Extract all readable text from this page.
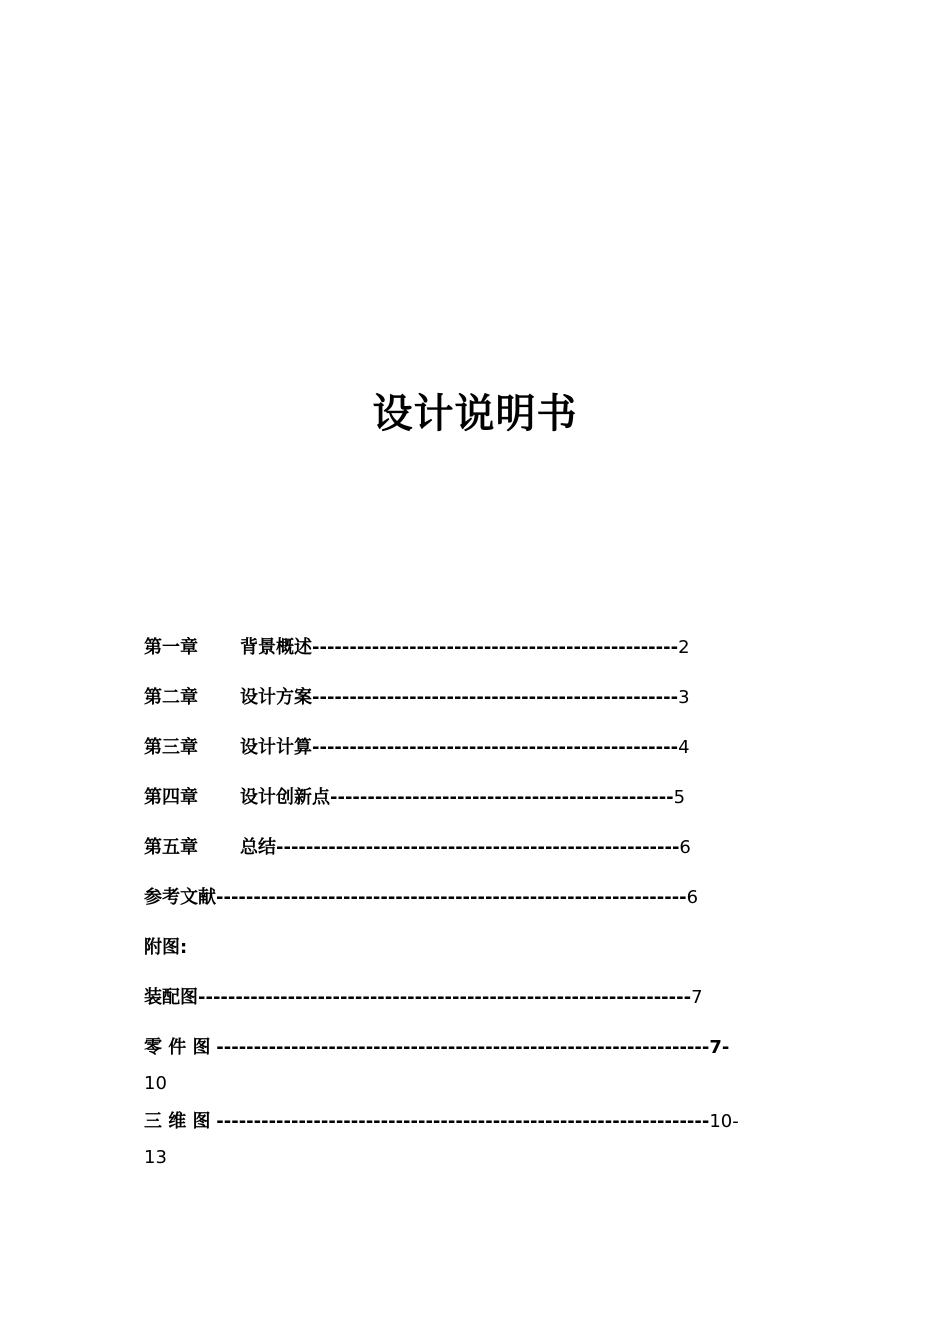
设计说明书
第一章 背景概述-------------------------------------------------2
第二章 设计方案-------------------------------------------------3
第三章 设计计算-------------------------------------------------4
第四章 设计创新点----------------------------------------------5
第五章 总结------------------------------------------------------6
参考文献---------------------------------------------------------------6
附图:
装配图------------------------------------------------------------------7
零 件 图 ------------------------------------------------------------------7-
10
三 维 图 ------------------------------------------------------------------10-
13
